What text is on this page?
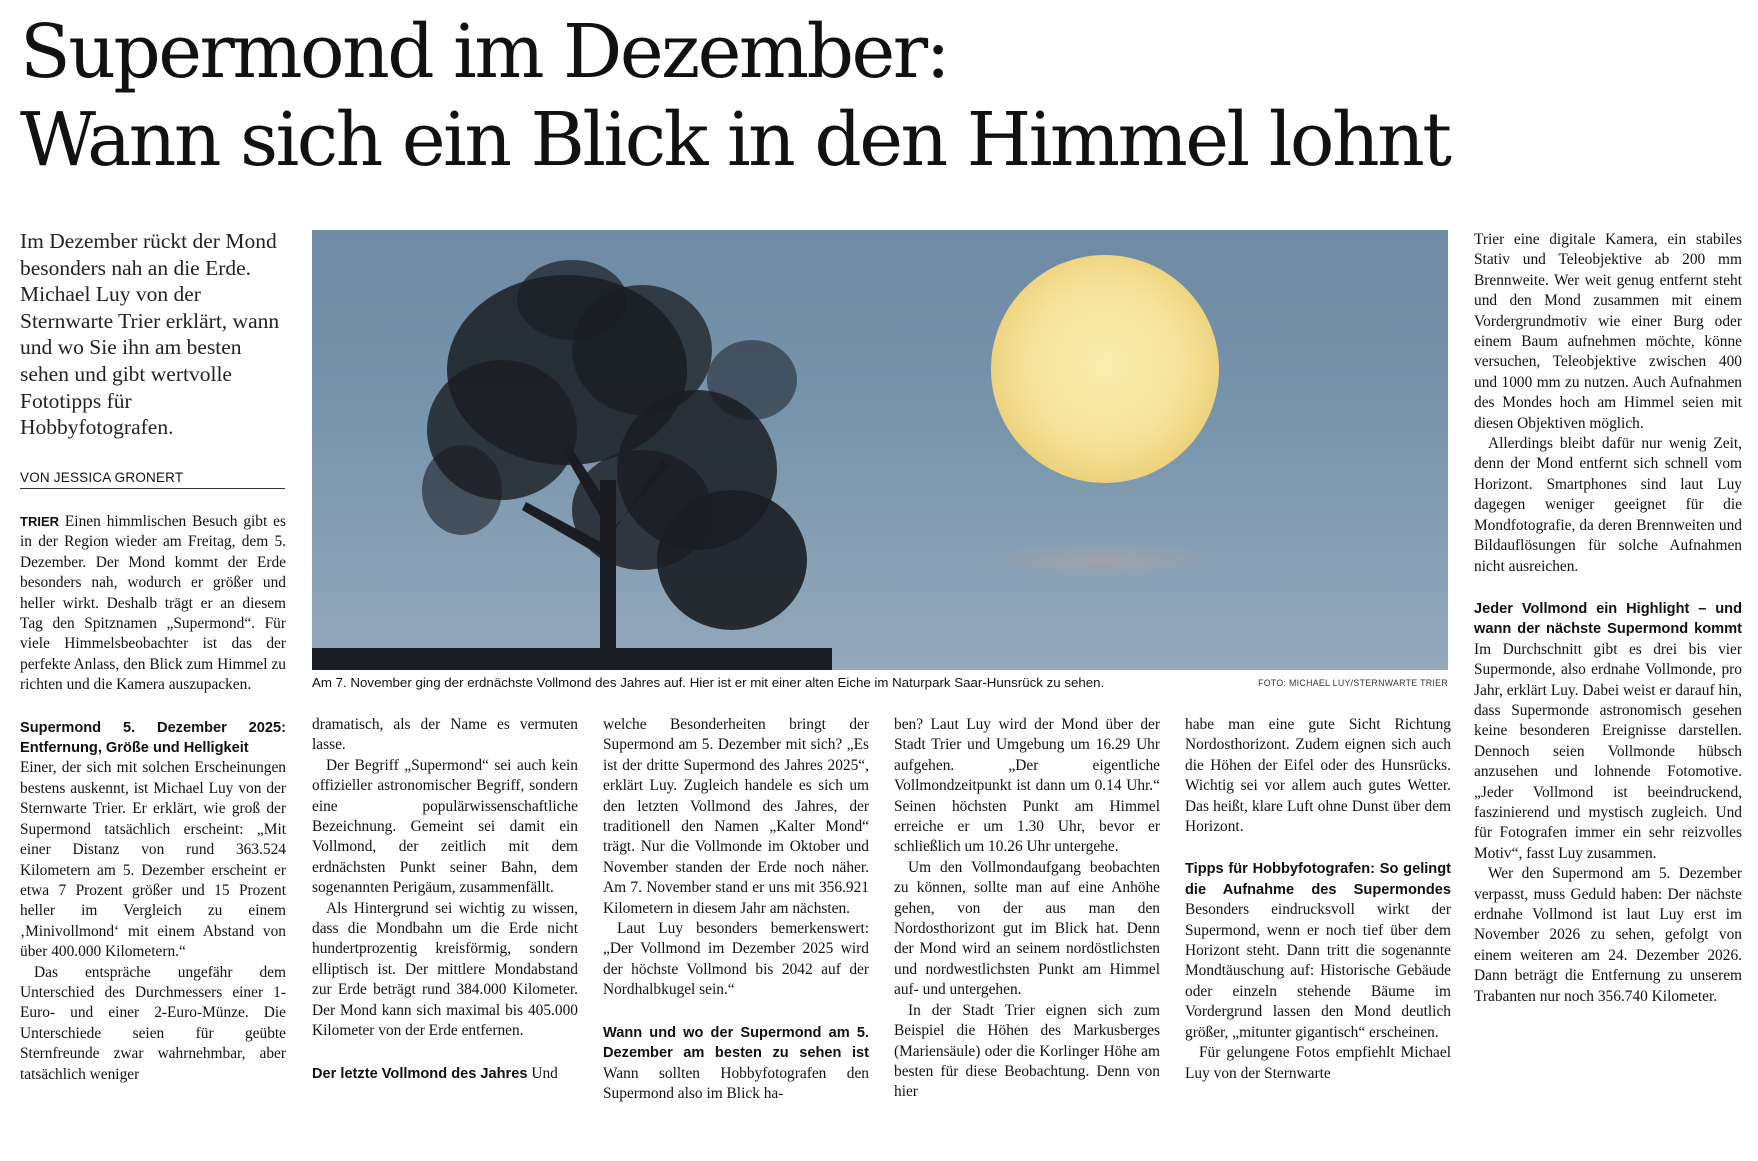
Supermond im Dezember:
Wann sich ein Blick in den Himmel lohnt
Im Dezember rückt der Mond besonders nah an die Erde. Michael Luy von der Sternwarte Trier erklärt, wann und wo Sie ihn am besten sehen und gibt wertvolle Fototipps für Hobbyfotografen.
VON JESSICA GRONERT
Am 7. November ging der erdnächste Vollmond des Jahres auf. Hier ist er mit einer alten Eiche im Naturpark Saar-Hunsrück zu sehen.	FOTO: MICHAEL LUY/STERNWARTE TRIER

TRIER Einen himmlischen Besuch gibt es in der Region wieder am Freitag, dem 5. Dezember. Der Mond kommt der Erde besonders nah, wodurch er größer und heller wirkt. Deshalb trägt er an diesem Tag den Spitznamen „Supermond“. Für viele Himmelsbeobachter ist das der perfekte Anlass, den Blick zum Himmel zu richten und die Kamera auszupacken.

Supermond 5. Dezember 2025: Entfernung, Größe und Helligkeit

Einer, der sich mit solchen Erscheinungen bestens auskennt, ist Michael Luy von der Sternwarte Trier. Er erklärt, wie groß der Supermond tatsächlich erscheint: „Mit einer Distanz von rund 363.524 Kilometern am 5. Dezember erscheint er etwa 7 Prozent größer und 15 Prozent heller im Vergleich zu einem ‚Minivollmond‘ mit einem Abstand von über 400.000 Kilometern.“

Das entspräche ungefähr dem Unterschied des Durchmessers einer 1-Euro- und einer 2-Euro-Münze. Die Unterschiede seien für geübte Sternfreunde zwar wahrnehmbar, aber tatsächlich weniger

dramatisch, als der Name es vermuten lasse.

Der Begriff „Supermond“ sei auch kein offizieller astronomischer Begriff, sondern eine populärwissenschaftliche Bezeichnung. Gemeint sei damit ein Vollmond, der zeitlich mit dem erdnächsten Punkt seiner Bahn, dem sogenannten Perigäum, zusammenfällt.

Als Hintergrund sei wichtig zu wissen, dass die Mondbahn um die Erde nicht hundertprozentig kreisförmig, sondern elliptisch ist. Der mittlere Mondabstand zur Erde beträgt rund 384.000 Kilometer. Der Mond kann sich maximal bis 405.000 Kilometer von der Erde entfernen.

Der letzte Vollmond des Jahres Und

welche Besonderheiten bringt der Supermond am 5. Dezember mit sich? „Es ist der dritte Supermond des Jahres 2025“, erklärt Luy. Zugleich handele es sich um den letzten Vollmond des Jahres, der traditionell den Namen „Kalter Mond“ trägt. Nur die Vollmonde im Oktober und November standen der Erde noch näher. Am 7. November stand er uns mit 356.921 Kilometern in diesem Jahr am nächsten.

Laut Luy besonders bemerkenswert: „Der Vollmond im Dezember 2025 wird der höchste Vollmond bis 2042 auf der Nordhalbkugel sein.“

Wann und wo der Supermond am 5. Dezember am besten zu sehen ist Wann sollten Hobbyfotografen den Supermond also im Blick ha-

ben? Laut Luy wird der Mond über der Stadt Trier und Umgebung um 16.29 Uhr aufgehen. „Der eigentliche Vollmondzeitpunkt ist dann um 0.14 Uhr.“ Seinen höchsten Punkt am Himmel erreiche er um 1.30 Uhr, bevor er schließlich um 10.26 Uhr untergehe.

Um den Vollmondaufgang beobachten zu können, sollte man auf eine Anhöhe gehen, von der aus man den Nordosthorizont gut im Blick hat. Denn der Mond wird an seinem nordöstlichsten und nordwestlichsten Punkt am Himmel auf- und untergehen.

In der Stadt Trier eignen sich zum Beispiel die Höhen des Markusberges (Mariensäule) oder die Korlinger Höhe am besten für diese Beobachtung. Denn von hier

habe man eine gute Sicht Richtung Nordosthorizont. Zudem eignen sich auch die Höhen der Eifel oder des Hunsrücks. Wichtig sei vor allem auch gutes Wetter. Das heißt, klare Luft ohne Dunst über dem Horizont.

Tipps für Hobbyfotografen: So gelingt die Aufnahme des Supermondes Besonders eindrucksvoll wirkt der Supermond, wenn er noch tief über dem Horizont steht. Dann tritt die sogenannte Mondtäuschung auf: Historische Gebäude oder einzeln stehende Bäume im Vordergrund lassen den Mond deutlich größer, „mitunter gigantisch“ erscheinen.

Für gelungene Fotos empfiehlt Michael Luy von der Sternwarte

Trier eine digitale Kamera, ein stabiles Stativ und Teleobjektive ab 200 mm Brennweite. Wer weit genug entfernt steht und den Mond zusammen mit einem Vordergrundmotiv wie einer Burg oder einem Baum aufnehmen möchte, könne versuchen, Teleobjektive zwischen 400 und 1000 mm zu nutzen. Auch Aufnahmen des Mondes hoch am Himmel seien mit diesen Objektiven möglich.

Allerdings bleibt dafür nur wenig Zeit, denn der Mond entfernt sich schnell vom Horizont. Smartphones sind laut Luy dagegen weniger geeignet für die Mondfotografie, da deren Brennweiten und Bildauflösungen für solche Aufnahmen nicht ausreichen.

Jeder Vollmond ein Highlight – und wann der nächste Supermond kommt Im Durchschnitt gibt es drei bis vier Supermonde, also erdnahe Vollmonde, pro Jahr, erklärt Luy. Dabei weist er darauf hin, dass Supermonde astronomisch gesehen keine besonderen Ereignisse darstellen. Dennoch seien Vollmonde hübsch anzusehen und lohnende Fotomotive. „Jeder Vollmond ist beeindruckend, faszinierend und mystisch zugleich. Und für Fotografen immer ein sehr reizvolles Motiv“, fasst Luy zusammen.

Wer den Supermond am 5. Dezember verpasst, muss Geduld haben: Der nächste erdnahe Vollmond ist laut Luy erst im November 2026 zu sehen, gefolgt von einem weiteren am 24. Dezember 2026. Dann beträgt die Entfernung zu unserem Trabanten nur noch 356.740 Kilometer.
